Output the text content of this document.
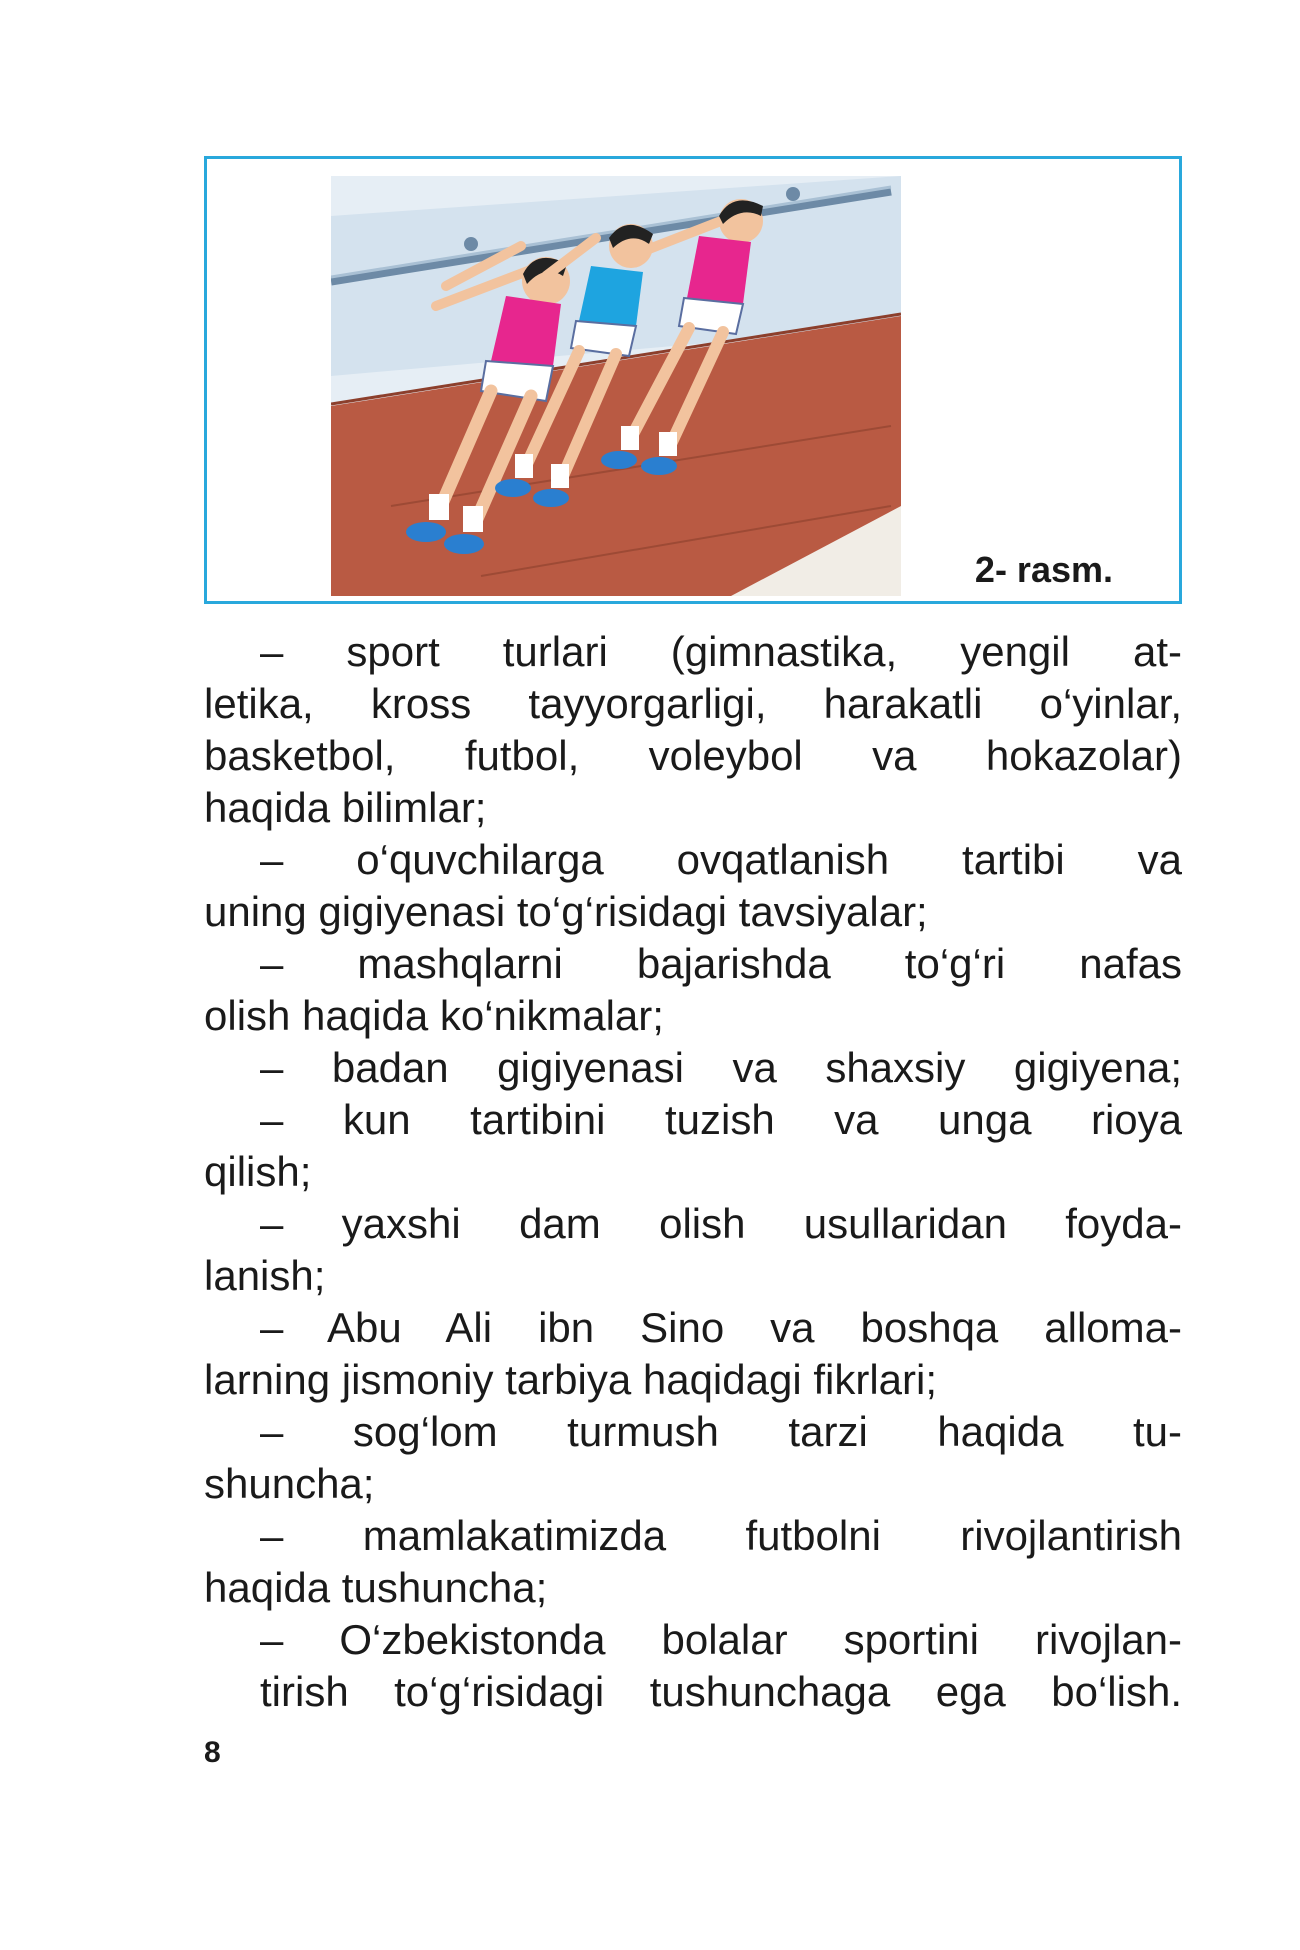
2- rasm.
– sport turlari (gimnastika, yengil at-
letika, kross tayyorgarligi, harakatli o‘yinlar,
basketbol, futbol, voleybol va hokazolar)
haqida bilimlar;
– o‘quvchilarga ovqatlanish tartibi va
uning gigiyenasi to‘g‘risidagi tavsiyalar;
– mashqlarni bajarishda to‘g‘ri nafas
olish haqida ko‘nikmalar;
– badan gigiyenasi va shaxsiy gigiyena;
– kun tartibini tuzish va unga rioya
qilish;
– yaxshi dam olish usullaridan foyda-
lanish;
– Abu Ali ibn Sino va boshqa alloma-
larning jismoniy tarbiya haqidagi fikrlari;
– sog‘lom turmush tarzi haqida tu-
shuncha;
– mamlakatimizda futbolni rivojlantirish
haqida tushuncha;
– O‘zbekistonda bolalar sportini rivojlan-
tirish to‘g‘risidagi tushunchaga ega bo‘lish.
8
